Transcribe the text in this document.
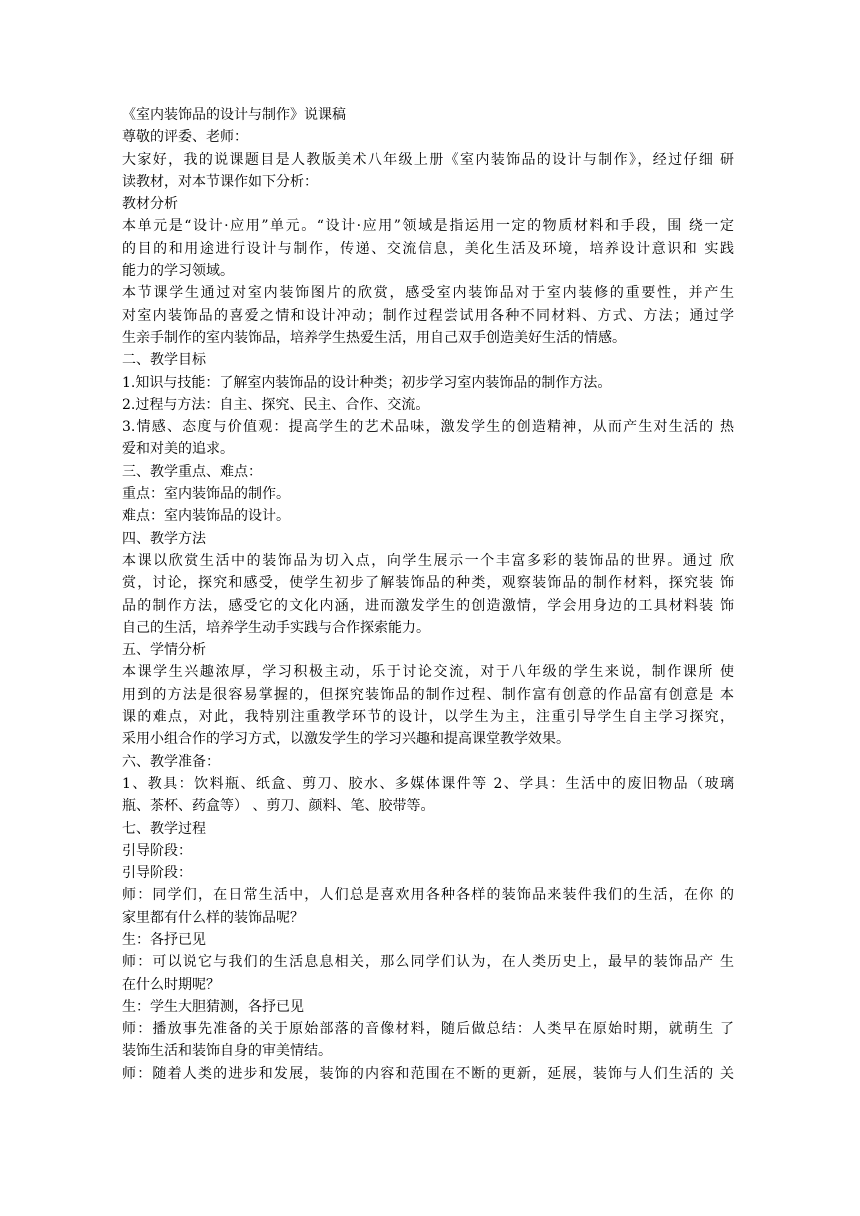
《室内装饰品的设计与制作》说课稿

尊敬的评委、老师：

大家好，我的说课题目是人教版美术八年级上册《室内装饰品的设计与制作》，经过仔细 研

读教材，对本节课作如下分析：

教材分析

本单元是“设计·应用”单元。“设计·应用”领域是指运用一定的物质材料和手段，围 绕一定

的目的和用途进行设计与制作，传递、交流信息，美化生活及环境，培养设计意识和 实践

能力的学习领域。

本节课学生通过对室内装饰图片的欣赏，感受室内装饰品对于室内装修的重要性，并产生

对室内装饰品的喜爱之情和设计冲动；制作过程尝试用各种不同材料、方式、方法；通过学

生亲手制作的室内装饰品，培养学生热爱生活，用自己双手创造美好生活的情感。

二、教学目标

1.知识与技能：了解室内装饰品的设计种类；初步学习室内装饰品的制作方法。

2.过程与方法：自主、探究、民主、合作、交流。

3.情感、态度与价值观：提高学生的艺术品味，激发学生的创造精神，从而产生对生活的 热

爱和对美的追求。

三、教学重点、难点：

重点：室内装饰品的制作。

难点：室内装饰品的设计。

四、教学方法

本课以欣赏生活中的装饰品为切入点，向学生展示一个丰富多彩的装饰品的世界。通过 欣

赏，讨论，探究和感受，使学生初步了解装饰品的种类，观察装饰品的制作材料，探究装 饰

品的制作方法，感受它的文化内涵，进而激发学生的创造激情，学会用身边的工具材料装 饰

自己的生活，培养学生动手实践与合作探索能力。

五、学情分析

本课学生兴趣浓厚，学习积极主动，乐于讨论交流，对于八年级的学生来说，制作课所 使

用到的方法是很容易掌握的，但探究装饰品的制作过程、制作富有创意的作品富有创意是 本

课的难点，对此，我特别注重教学环节的设计，以学生为主，注重引导学生自主学习探究，

采用小组合作的学习方式，以激发学生的学习兴趣和提高课堂教学效果。

六、教学准备：

1、教具：饮料瓶、纸盒、剪刀、胶水、多媒体课件等 2、学具：生活中的废旧物品（玻璃

瓶、茶杯、药盒等） 、剪刀、颜料、笔、胶带等。

七、教学过程

引导阶段：

引导阶段：

师：同学们，在日常生活中，人们总是喜欢用各种各样的装饰品来装件我们的生活，在你 的

家里都有什么样的装饰品呢？

生：各抒已见

师：可以说它与我们的生活息息相关，那么同学们认为，在人类历史上，最早的装饰品产 生

在什么时期呢？

生：学生大胆猜测，各抒已见

师：播放事先准备的关于原始部落的音像材料，随后做总结：人类早在原始时期，就萌生 了

装饰生活和装饰自身的审美情结。

师：随着人类的进步和发展，装饰的内容和范围在不断的更新，延展，装饰与人们生活的 关
